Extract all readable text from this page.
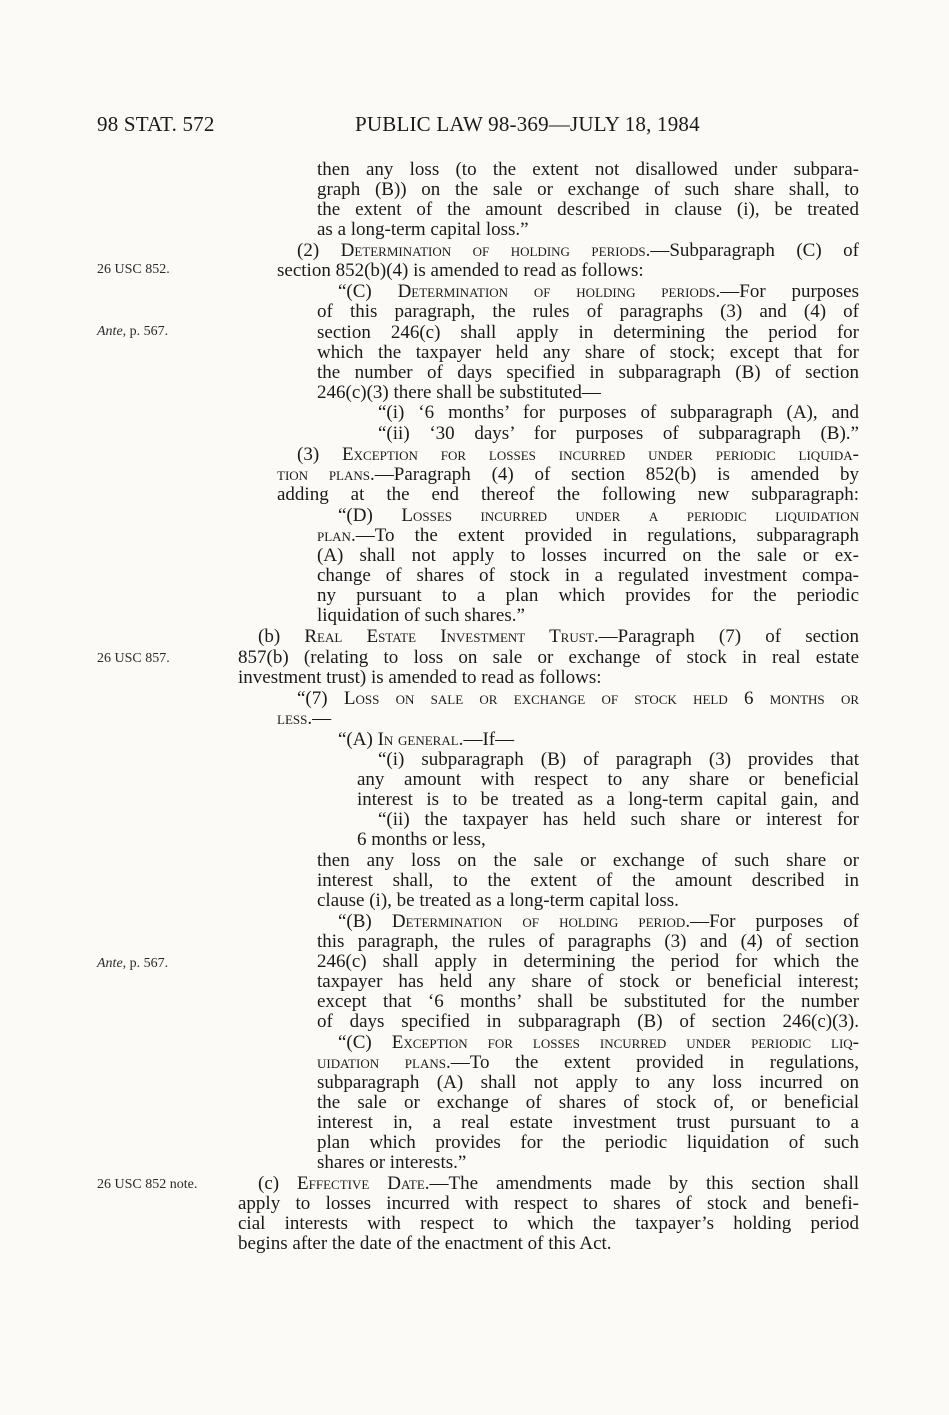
98 STAT. 572	PUBLIC LAW 98-369—JULY 18, 1984
26 USC 852.
Ante, p. 567.
26 USC 857.
Ante, p. 567.
26 USC 852 note.
then any loss (to the extent not disallowed under subpara-
graph (B)) on the sale or exchange of such share shall, to
the extent of the amount described in clause (i), be treated
as a long-term capital loss.”
(2) Determination of holding periods.—Subparagraph (C) of
section 852(b)(4) is amended to read as follows:
“(C) Determination of holding periods.—For purposes
of this paragraph, the rules of paragraphs (3) and (4) of
section 246(c) shall apply in determining the period for
which the taxpayer held any share of stock; except that for
the number of days specified in subparagraph (B) of section
246(c)(3) there shall be substituted—
“(i) ‘6 months’ for purposes of subparagraph (A), and
“(ii) ‘30 days’ for purposes of subparagraph (B).”
(3) Exception for losses incurred under periodic liquida-
tion plans.—Paragraph (4) of section 852(b) is amended by
adding at the end thereof the following new subparagraph:
“(D) Losses incurred under a periodic liquidation
plan.—To the extent provided in regulations, subparagraph
(A) shall not apply to losses incurred on the sale or ex-
change of shares of stock in a regulated investment compa-
ny pursuant to a plan which provides for the periodic
liquidation of such shares.”
(b) Real Estate Investment Trust.—Paragraph (7) of section
857(b) (relating to loss on sale or exchange of stock in real estate
investment trust) is amended to read as follows:
“(7) Loss on sale or exchange of stock held 6 months or
less.—
“(A) In general.—If—
“(i) subparagraph (B) of paragraph (3) provides that
any amount with respect to any share or beneficial
interest is to be treated as a long-term capital gain, and
“(ii) the taxpayer has held such share or interest for
6 months or less,
then any loss on the sale or exchange of such share or
interest shall, to the extent of the amount described in
clause (i), be treated as a long-term capital loss.
“(B) Determination of holding period.—For purposes of
this paragraph, the rules of paragraphs (3) and (4) of section
246(c) shall apply in determining the period for which the
taxpayer has held any share of stock or beneficial interest;
except that ‘6 months’ shall be substituted for the number
of days specified in subparagraph (B) of section 246(c)(3).
“(C) Exception for losses incurred under periodic liq-
uidation plans.—To the extent provided in regulations,
subparagraph (A) shall not apply to any loss incurred on
the sale or exchange of shares of stock of, or beneficial
interest in, a real estate investment trust pursuant to a
plan which provides for the periodic liquidation of such
shares or interests.”
(c) Effective Date.—The amendments made by this section shall
apply to losses incurred with respect to shares of stock and benefi-
cial interests with respect to which the taxpayer’s holding period
begins after the date of the enactment of this Act.
